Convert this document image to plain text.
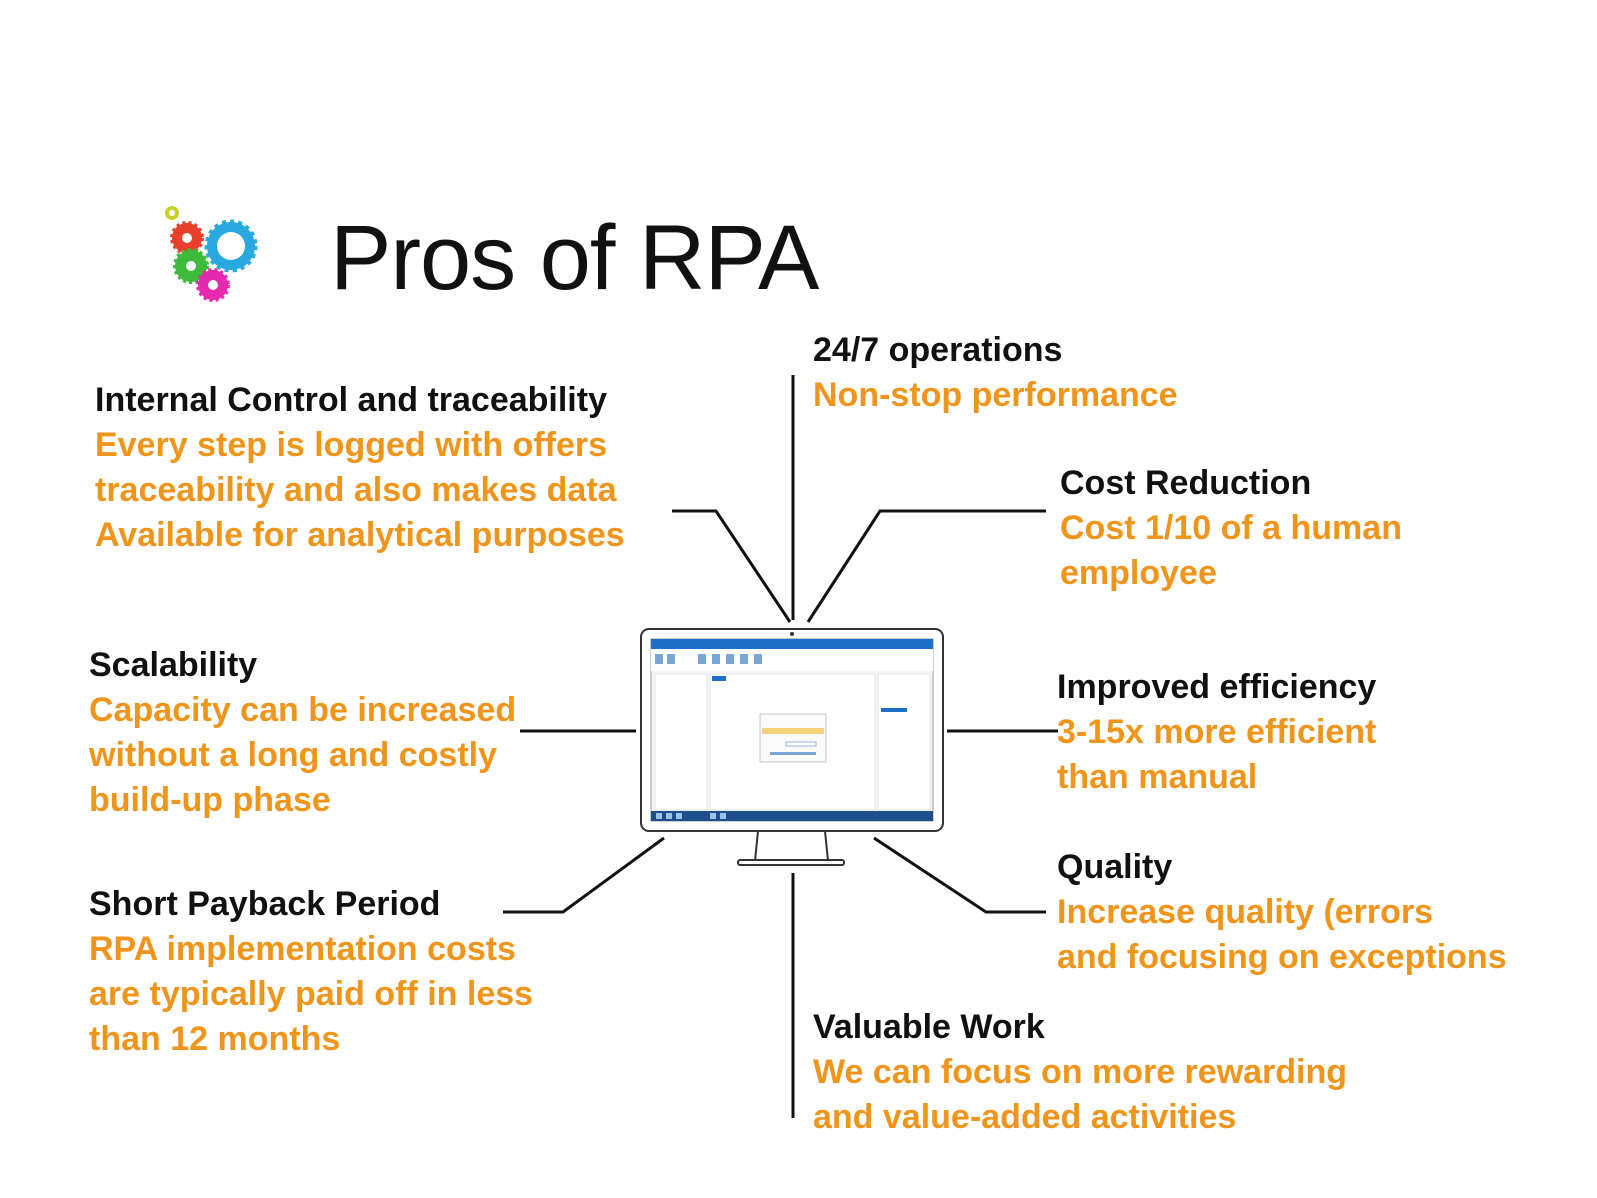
Pros of RPA
24/7 operations
Non-stop performance
Internal Control and traceability
Every step is logged with offers
traceability and also makes data
Available for analytical purposes
Cost Reduction
Cost 1/10 of a human
employee
Scalability
Capacity can be increased
without a long and costly
build-up phase
Improved efficiency
3-15x more efficient
than manual
Short Payback Period
RPA implementation costs
are typically paid off in less
than 12 months
Quality
Increase quality (errors
and focusing on exceptions
Valuable Work
We can focus on more rewarding
and value-added activities
